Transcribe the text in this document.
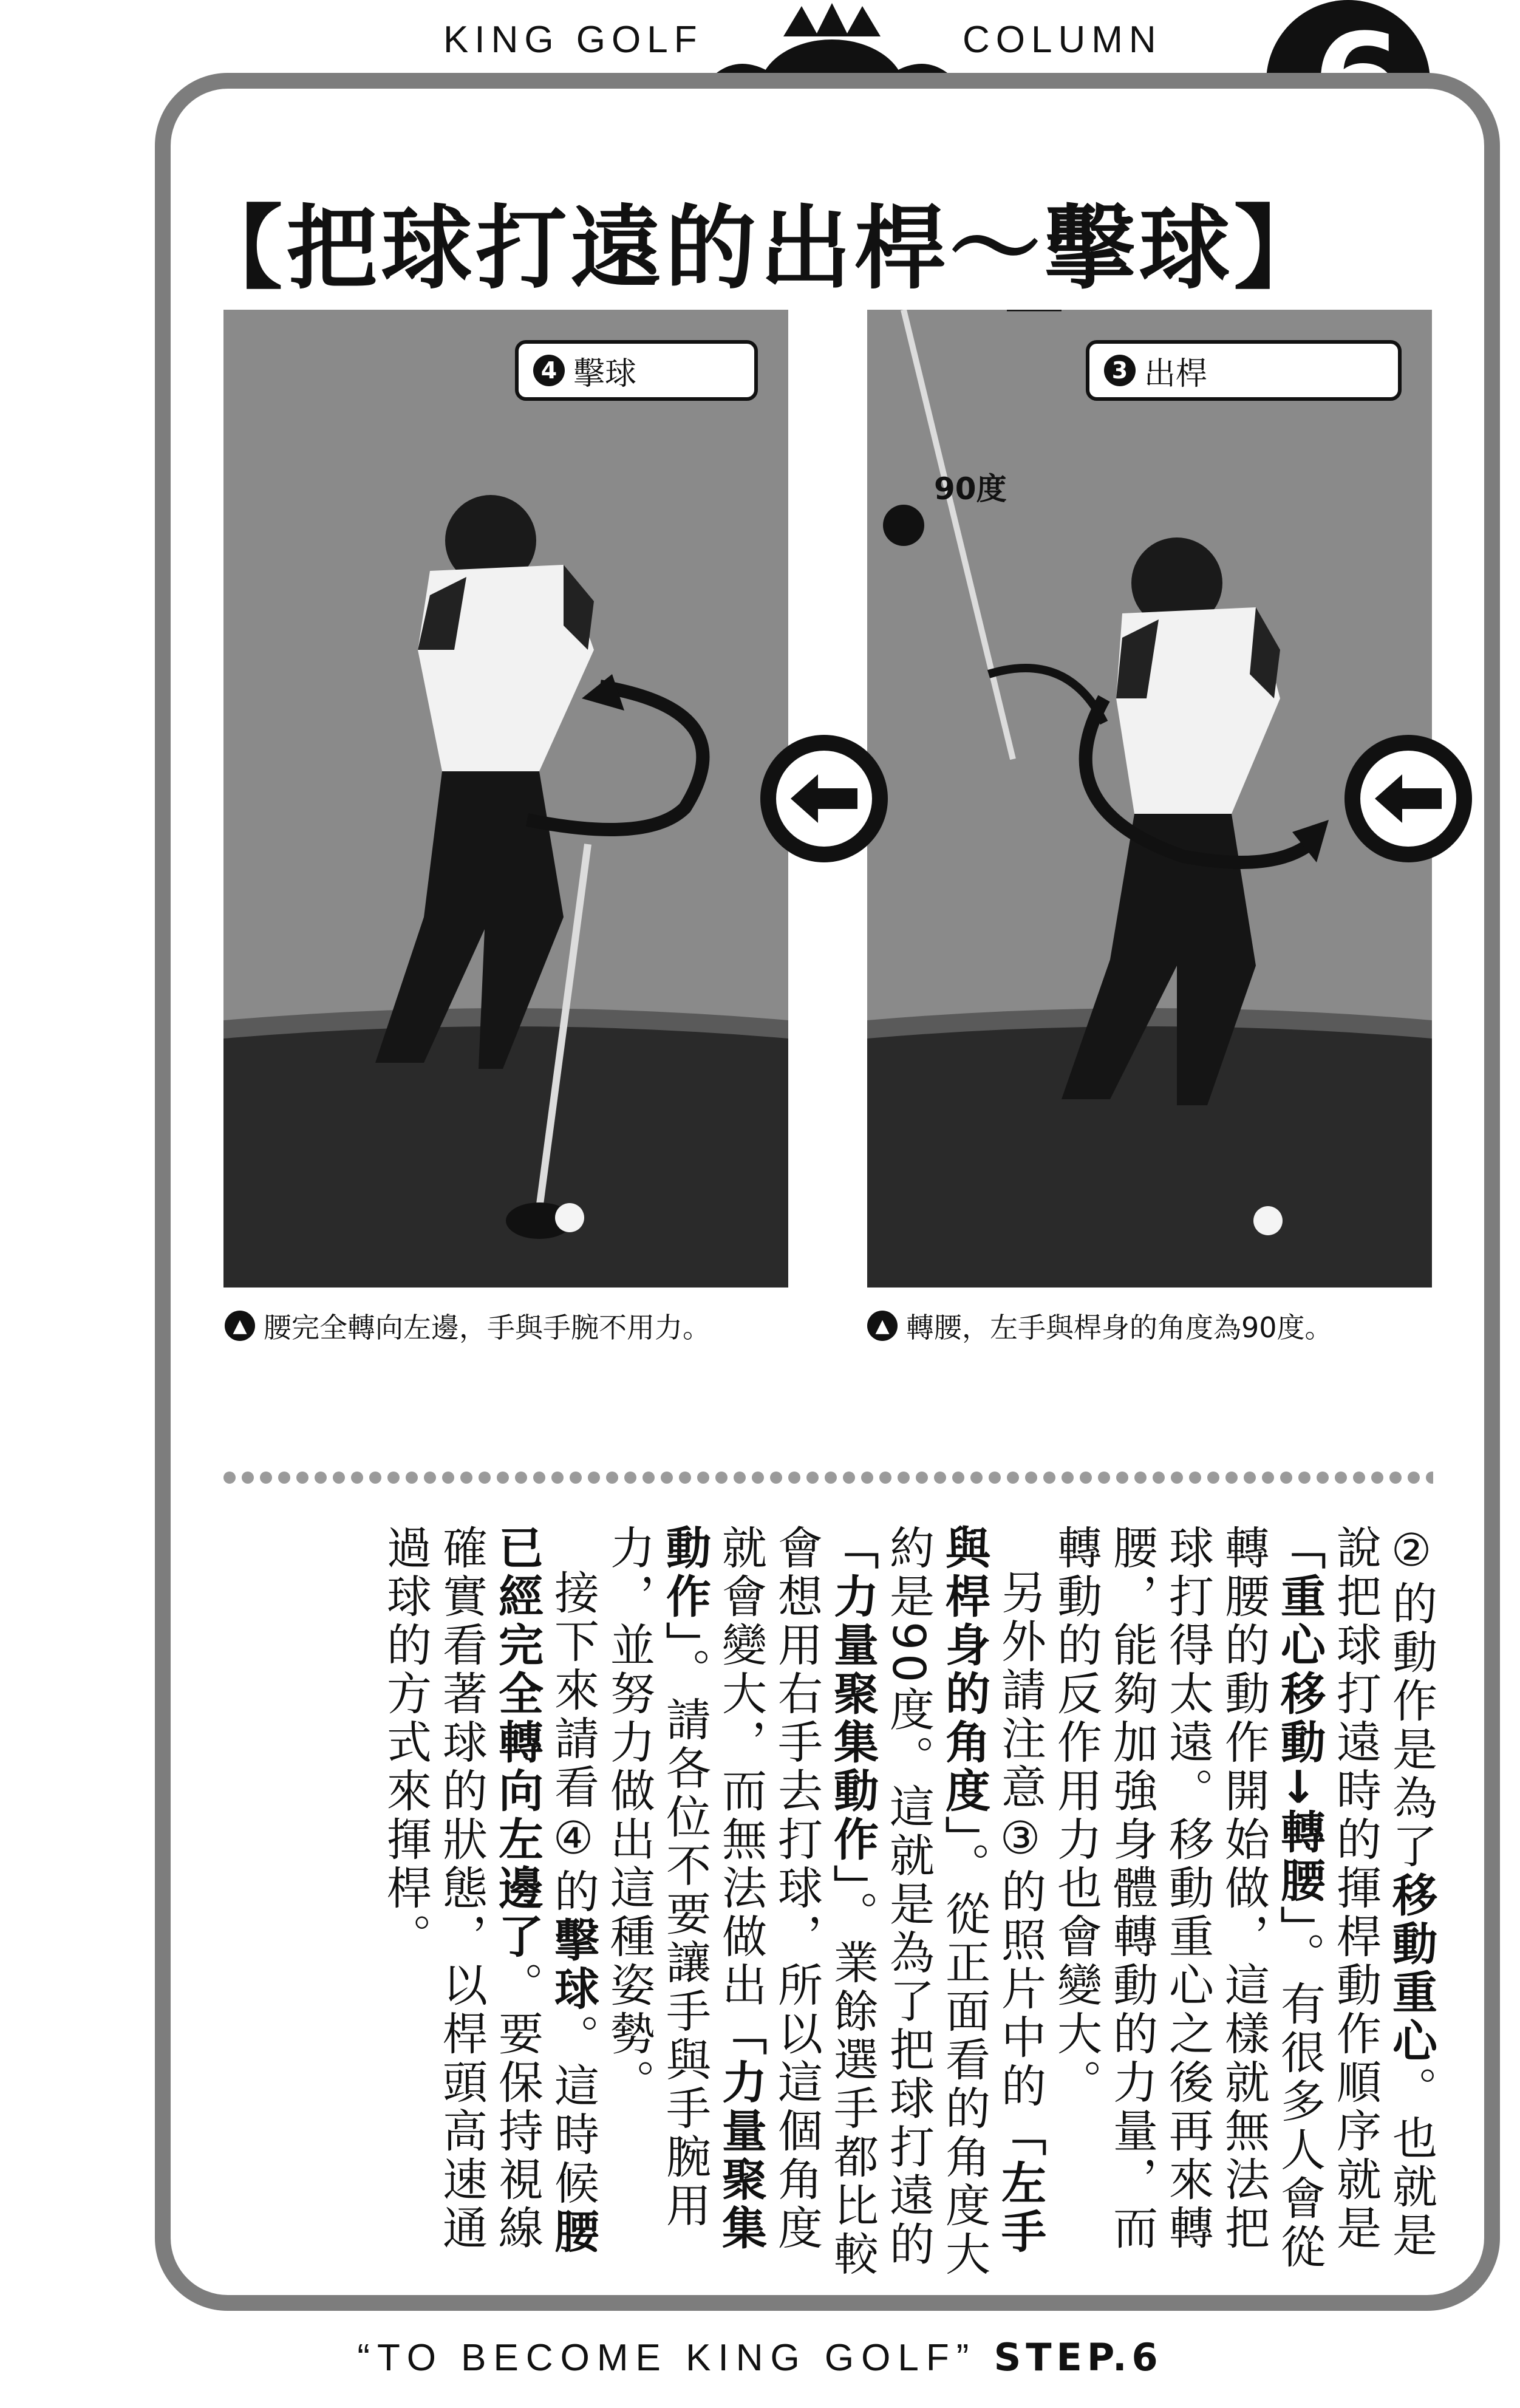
KING GOLF	COLUMN
【把球打遠的出桿～擊球】
4 擊球
90度
3 出桿
▲ 腰完全轉向左邊，手與手腕不用力。	▲ 轉腰，左手與桿身的角度為90度。

②的動作是為了移動重心。也就是說把球打遠時的揮桿動作順序就是「重心移動→轉腰」。有很多人會從轉腰的動作開始做，這樣就無法把球打得太遠。移動重心之後再來轉腰，能夠加強身體轉動的力量，而轉動的反作用力也會變大。

另外請注意③的照片中的「左手與桿身的角度」。從正面看的角度大約是90度。這就是為了把球打遠的「力量聚集動作」。業餘選手都比較會想用右手去打球，所以這個角度就會變大，而無法做出「力量聚集動作」。請各位不要讓手與手腕用力，並努力做出這種姿勢。

接下來請看④的擊球。這時候腰已經完全轉向左邊了。要保持視線確實看著球的狀態，以桿頭高速通過球的方式來揮桿。

“TO BECOME KING GOLF” STEP.6
